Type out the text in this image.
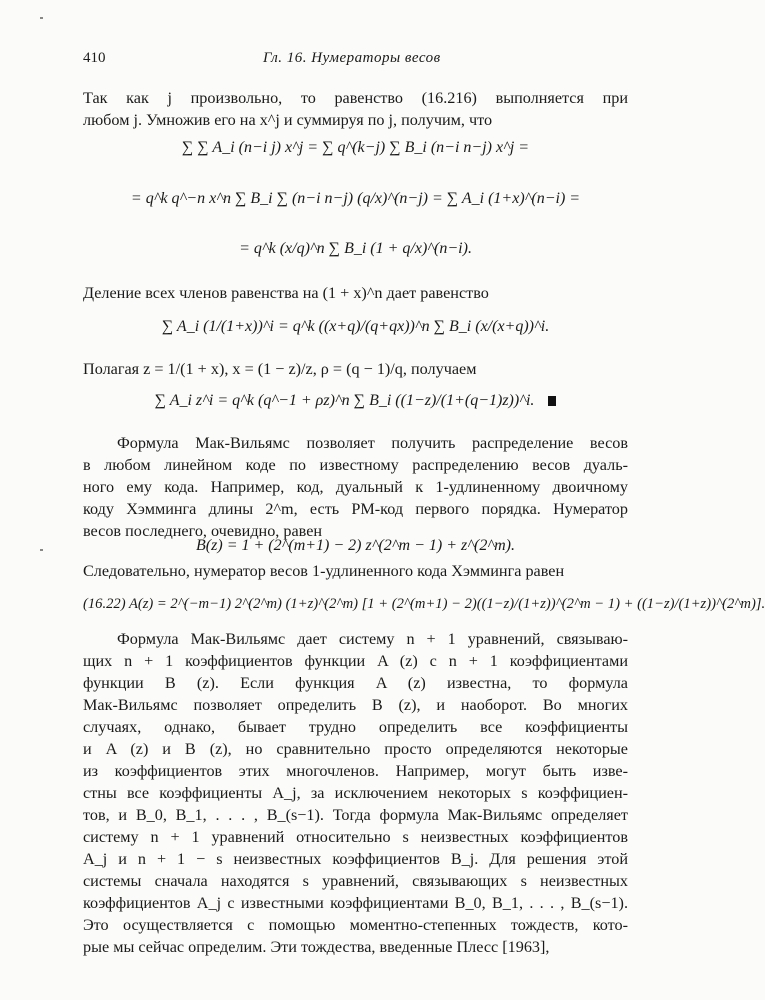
410	Гл. 16. Нумераторы весов
Так как j произвольно, то равенство (16.216) выполняется при
любом j. Умножив его на x^j и суммируя по j, получим, что
∑ ∑ A_i (n−i j) x^j = ∑ q^(k−j) ∑ B_i (n−i n−j) x^j =
= q^k q^−n x^n ∑ B_i ∑ (n−i n−j) (q/x)^(n−j) = ∑ A_i (1+x)^(n−i) =
= q^k (x/q)^n ∑ B_i (1 + q/x)^(n−i).
Деление всех членов равенства на (1 + x)^n дает равенство
∑ A_i (1/(1+x))^i = q^k ((x+q)/(q+qx))^n ∑ B_i (x/(x+q))^i.
Полагая z = 1/(1 + x), x = (1 − z)/z, ρ = (q − 1)/q, получаем
∑ A_i z^i = q^k (q^−1 + ρz)^n ∑ B_i ((1−z)/(1+(q−1)z))^i.
Формула Мак-Вильямс позволяет получить распределение весов
в любом линейном коде по известному распределению весов дуаль-
ного ему кода. Например, код, дуальный к 1-удлиненному двоичному
коду Хэмминга длины 2^m, есть РМ-код первого порядка. Нумератор
весов последнего, очевидно, равен
B(z) = 1 + (2^(m+1) − 2) z^(2^m − 1) + z^(2^m).
Следовательно, нумератор весов 1-удлиненного кода Хэмминга равен
(16.22) A(z) = 2^(−m−1) 2^(2^m) (1+z)^(2^m) [1 + (2^(m+1) − 2)((1−z)/(1+z))^(2^m − 1) + ((1−z)/(1+z))^(2^m)].
Формула Мак-Вильямс дает систему n + 1 уравнений, связываю-
щих n + 1 коэффициентов функции A (z) с n + 1 коэффициентами
функции B (z). Если функция A (z) известна, то формула
Мак-Вильямс позволяет определить B (z), и наоборот. Во многих
случаях, однако, бывает трудно определить все коэффициенты
и A (z) и B (z), но сравнительно просто определяются некоторые
из коэффициентов этих многочленов. Например, могут быть изве-
стны все коэффициенты A_j, за исключением некоторых s коэффициен-
тов, и B_0, B_1, . . . , B_(s−1). Тогда формула Мак-Вильямс определяет
систему n + 1 уравнений относительно s неизвестных коэффициентов
A_j и n + 1 − s неизвестных коэффициентов B_j. Для решения этой
системы сначала находятся s уравнений, связывающих s неизвестных
коэффициентов A_j с известными коэффициентами B_0, B_1, . . . , B_(s−1).
Это осуществляется с помощью моментно-степенных тождеств, кото-
рые мы сейчас определим. Эти тождества, введенные Плесс [1963],
